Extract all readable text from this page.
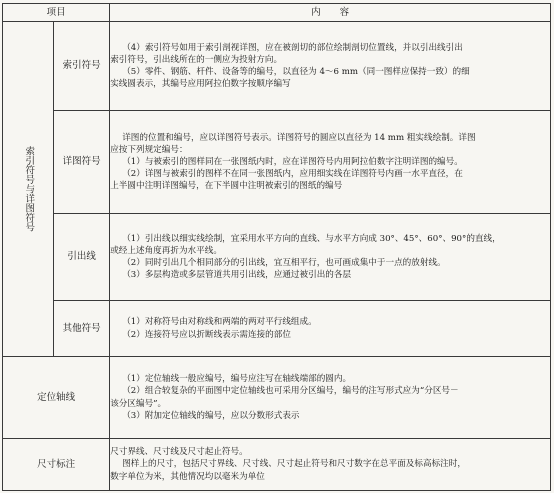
项目		内　　容

索引符号与详图符号	索引符号	（4）索引符号如用于索引剖视详图，应在被剖切的部位绘制剖切位置线，并以引出线引出

索引符号，引出线所在的一侧应为投射方向。

（5）零件、钢筋、杆件、设备等的编号，以直径为 4～6 mm（同一图样应保持一致）的细

实线圆表示，其编号应用阿拉伯数字按顺序编写

	详图符号	详图的位置和编号，应以详图符号表示。详图符号的圆应以直径为 14 mm 粗实线绘制。详图

应按下列规定编号：

（1）与被索引的图样同在一张图纸内时，应在详图符号内用阿拉伯数字注明详图的编号。

（2）详图与被索引的图样不在同一张图纸内，应用细实线在详图符号内画一水平直径，在

上半圆中注明详图编号，在下半圆中注明被索引的图纸的编号

	引出线	（1）引出线以细实线绘制，宜采用水平方向的直线、与水平方向成 30°、45°、60°、90°的直线，

或经上述角度再折为水平线。

（2）同时引出几个相同部分的引出线，宜互相平行，也可画成集中于一点的放射线。

（3）多层构造或多层管道共用引出线，应通过被引出的各层

	其他符号	（1）对称符号由对称线和两端的两对平行线组成。

（2）连接符号应以折断线表示需连接的部位

定位轴线		（1）定位轴线一般应编号，编号应注写在轴线端部的圆内。

（2）组合较复杂的平面图中定位轴线也可采用分区编号，编号的注写形式应为“分区号－

该分区编号”。

（3）附加定位轴线的编号，应以分数形式表示

尺寸标注		尺寸界线、尺寸线及尺寸起止符号。

图样上的尺寸，包括尺寸界线、尺寸线、尺寸起止符号和尺寸数字在总平面及标高标注时，

数字单位为米，其他情况均以毫米为单位
